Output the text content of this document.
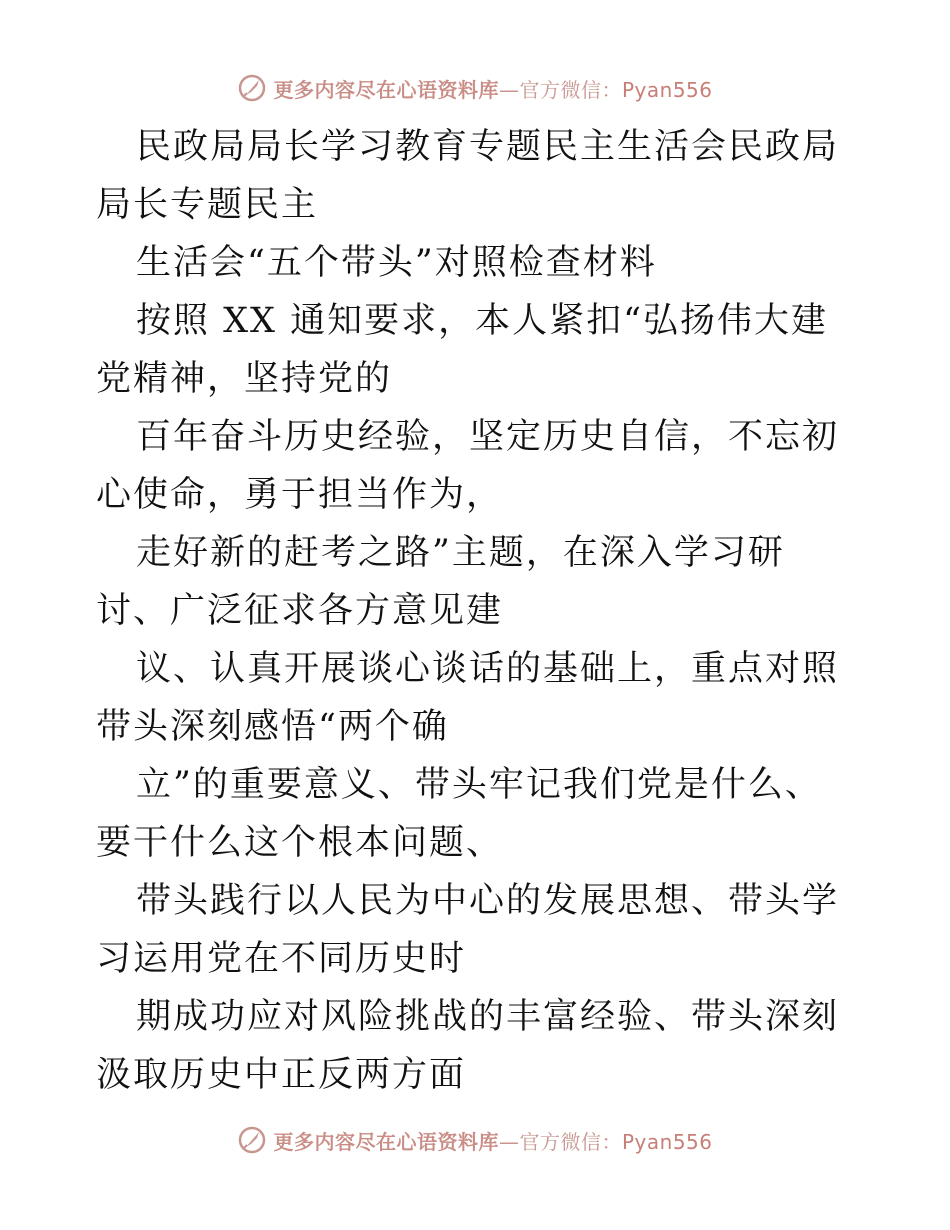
更多内容尽在心语资料库—官方微信：Pyan556

民政局局长学习教育专题民主生活会民政局局长专题民主

生活会“五个带头”对照检查材料

按照 XX 通知要求，本人紧扣“弘扬伟大建党精神，坚持党的

百年奋斗历史经验，坚定历史自信，不忘初心使命，勇于担当作为，

走好新的赶考之路”主题，在深入学习研讨、广泛征求各方意见建

议、认真开展谈心谈话的基础上，重点对照带头深刻感悟“两个确

立”的重要意义、带头牢记我们党是什么、要干什么这个根本问题、

带头践行以人民为中心的发展思想、带头学习运用党在不同历史时

期成功应对风险挑战的丰富经验、带头深刻汲取历史中正反两方面

更多内容尽在心语资料库—官方微信：Pyan556
